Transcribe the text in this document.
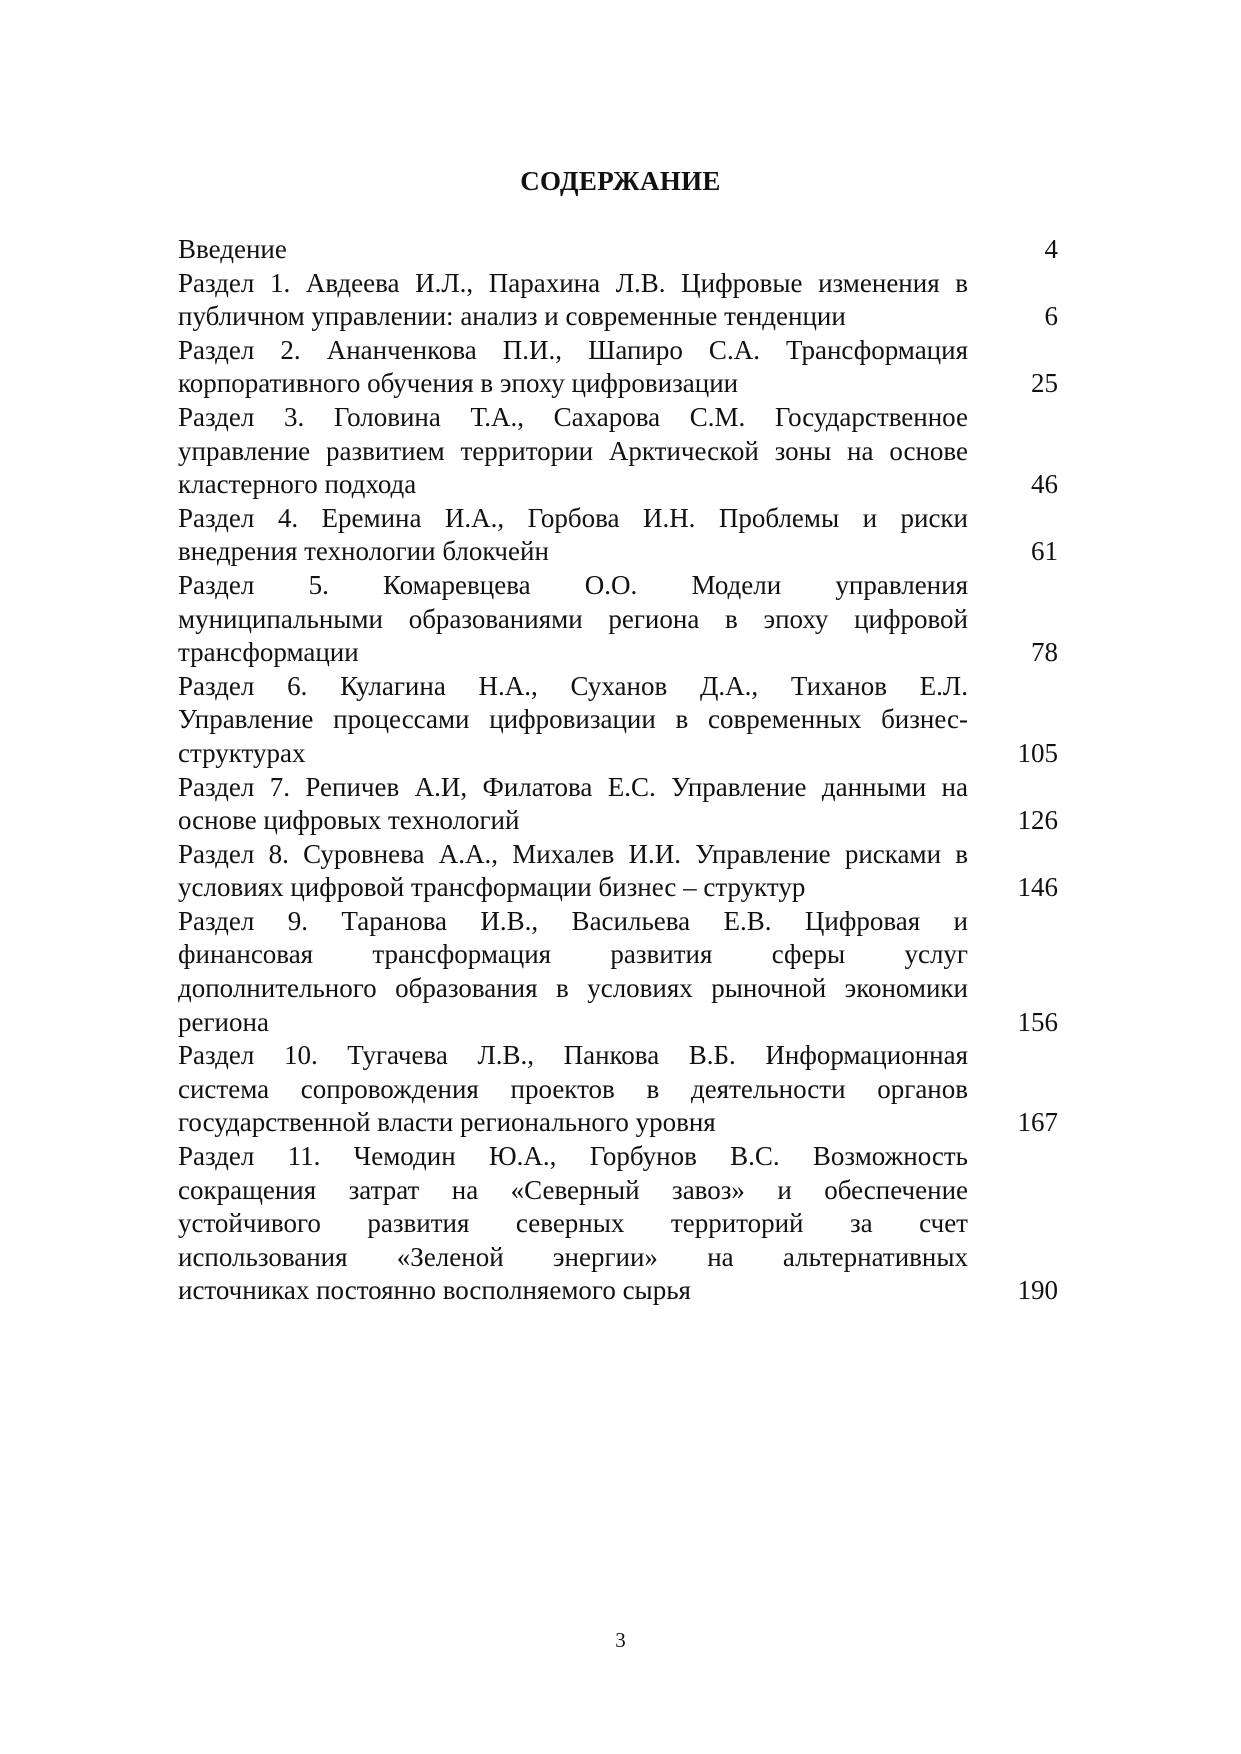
СОДЕРЖАНИЕ
Введение	4
Раздел 1. Авдеева И.Л., Парахина Л.В. Цифровые изменения в
публичном управлении: анализ и современные тенденции	6
Раздел 2. Ананченкова П.И., Шапиро С.А. Трансформация
корпоративного обучения в эпоху цифровизации	25
Раздел 3. Головина Т.А., Сахарова С.М. Государственное
управление развитием территории Арктической зоны на основе
кластерного подхода	46
Раздел 4. Еремина И.А., Горбова И.Н. Проблемы и риски
внедрения технологии блокчейн	61
Раздел 5. Комаревцева О.О. Модели управления
муниципальными образованиями региона в эпоху цифровой
трансформации	78
Раздел 6. Кулагина Н.А., Суханов Д.А., Тиханов Е.Л.
Управление процессами цифровизации в современных бизнес-
структурах	105
Раздел 7. Репичев А.И, Филатова Е.С. Управление данными на
основе цифровых технологий	126
Раздел 8. Суровнева А.А., Михалев И.И. Управление рисками в
условиях цифровой трансформации бизнес – структур	146
Раздел 9. Таранова И.В., Васильева Е.В. Цифровая и
финансовая трансформация развития сферы услуг
дополнительного образования в условиях рыночной экономики
региона	156
Раздел 10. Тугачева Л.В., Панкова В.Б. Информационная
система сопровождения проектов в деятельности органов
государственной власти регионального уровня	167
Раздел 11. Чемодин Ю.А., Горбунов В.С. Возможность
сокращения затрат на «Северный завоз» и обеспечение
устойчивого развития северных территорий за счет
использования «Зеленой энергии» на альтернативных
источниках постоянно восполняемого сырья	190
3
